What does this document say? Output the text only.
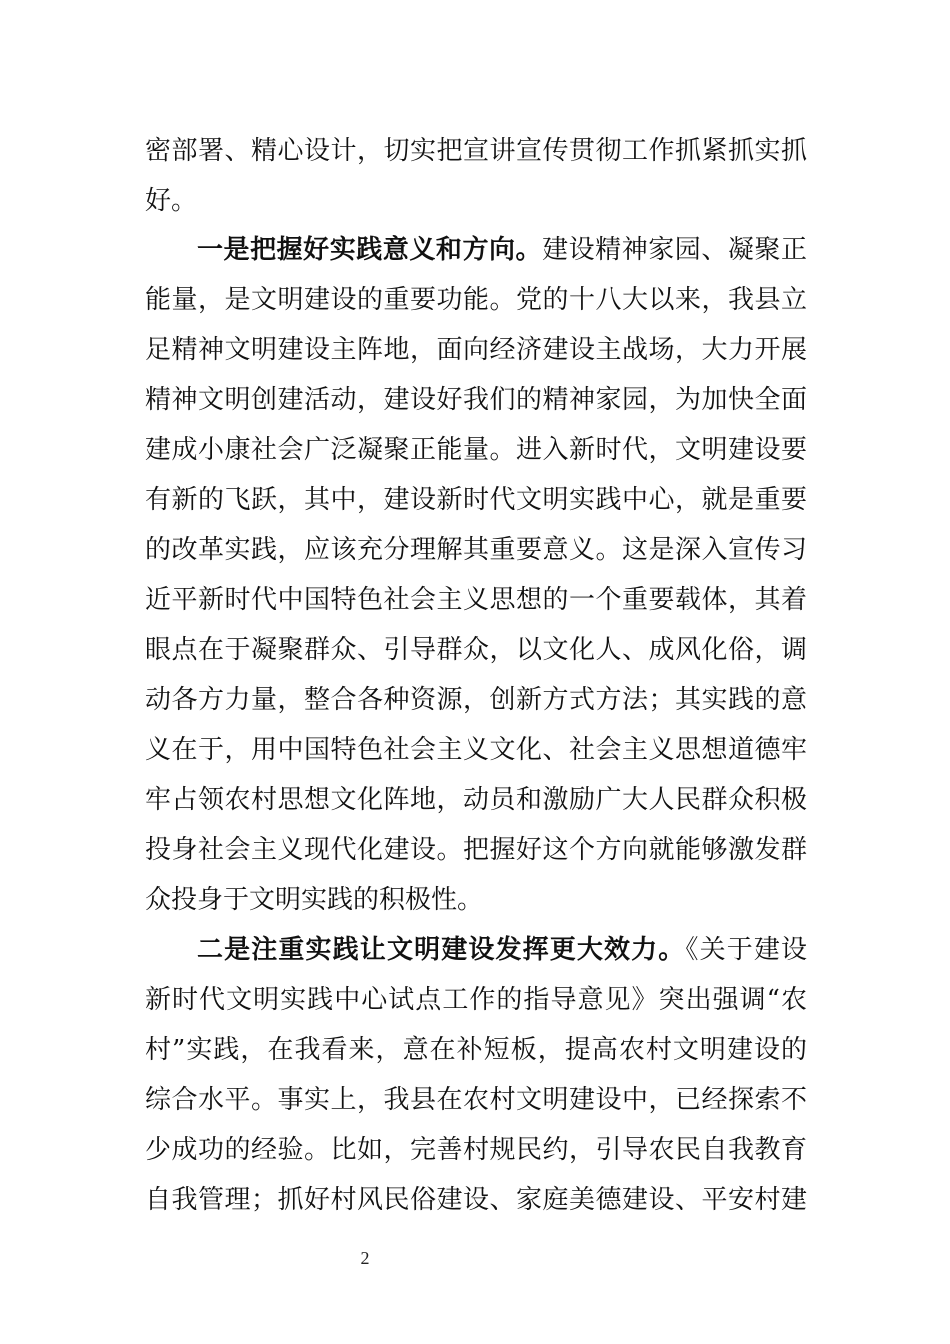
密部署、精心设计，切实把宣讲宣传贯彻工作抓紧抓实抓
好。
一是把握好实践意义和方向。建设精神家园、凝聚正
能量，是文明建设的重要功能。党的十八大以来，我县立
足精神文明建设主阵地，面向经济建设主战场，大力开展
精神文明创建活动，建设好我们的精神家园，为加快全面
建成小康社会广泛凝聚正能量。进入新时代，文明建设要
有新的飞跃，其中，建设新时代文明实践中心，就是重要
的改革实践，应该充分理解其重要意义。这是深入宣传习
近平新时代中国特色社会主义思想的一个重要载体，其着
眼点在于凝聚群众、引导群众，以文化人、成风化俗，调
动各方力量，整合各种资源，创新方式方法；其实践的意
义在于，用中国特色社会主义文化、社会主义思想道德牢
牢占领农村思想文化阵地，动员和激励广大人民群众积极
投身社会主义现代化建设。把握好这个方向就能够激发群
众投身于文明实践的积极性。
二是注重实践让文明建设发挥更大效力。《关于建设
新时代文明实践中心试点工作的指导意见》突出强调“农
村”实践，在我看来，意在补短板，提高农村文明建设的
综合水平。事实上，我县在农村文明建设中，已经探索不
少成功的经验。比如，完善村规民约，引导农民自我教育
自我管理；抓好村风民俗建设、家庭美德建设、平安村建
2
